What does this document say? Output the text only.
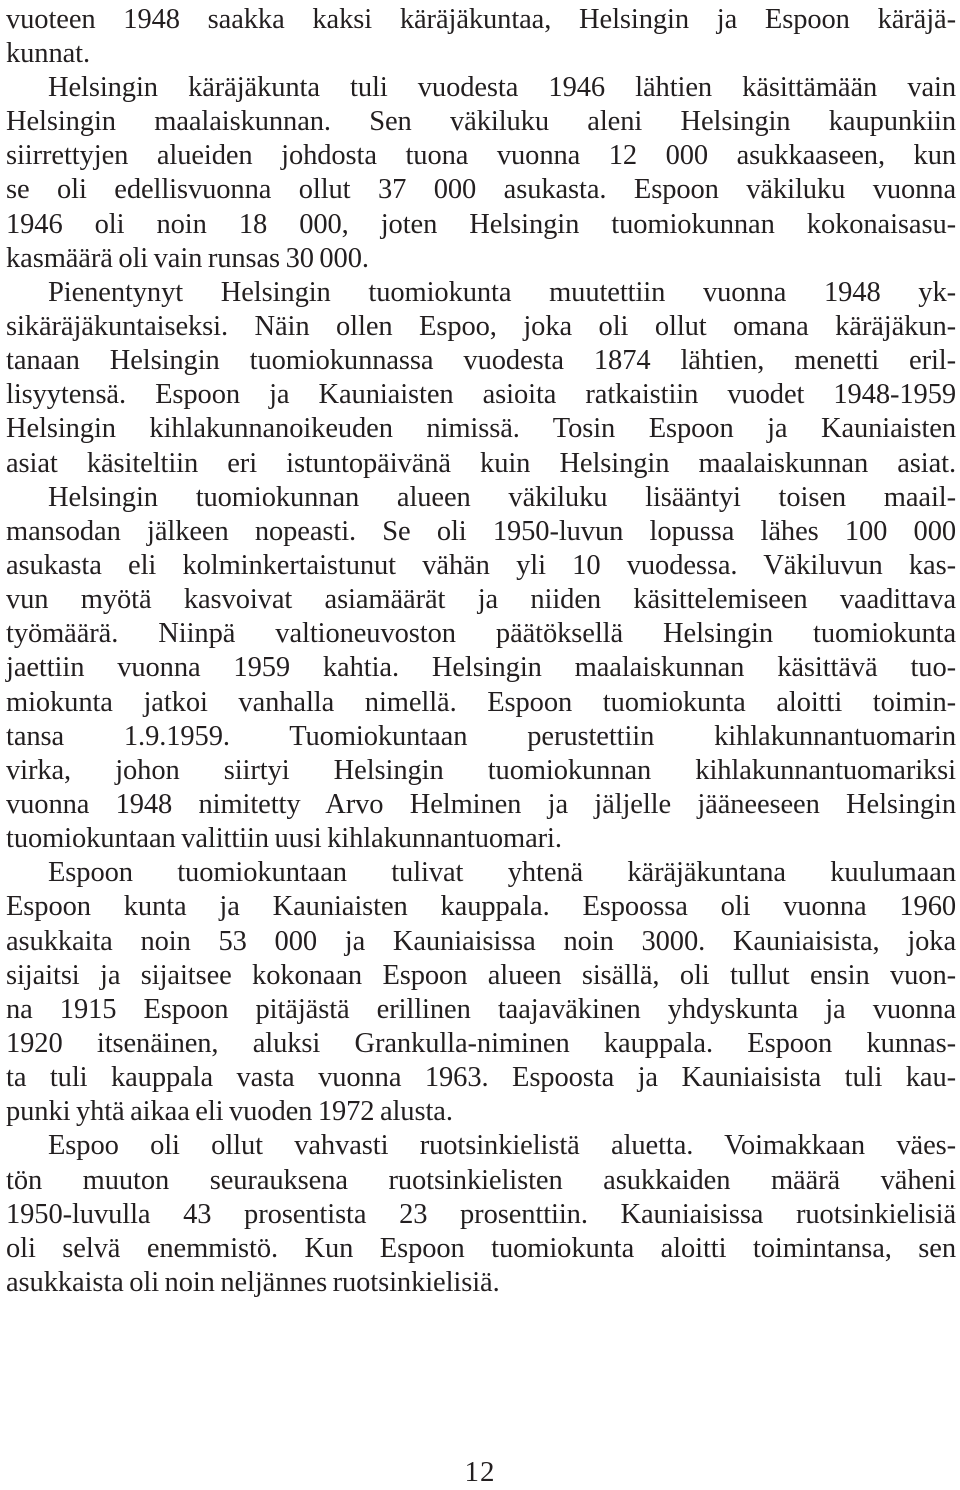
vuoteen 1948 saakka kaksi käräjäkuntaa, Helsingin ja Espoon käräjä-
kunnat.
Helsingin käräjäkunta tuli vuodesta 1946 lähtien käsittämään vain
Helsingin maalaiskunnan. Sen väkiluku aleni Helsingin kaupunkiin
siirrettyjen alueiden johdosta tuona vuonna 12 000 asukkaaseen, kun
se oli edellisvuonna ollut 37 000 asukasta. Espoon väkiluku vuonna
1946 oli noin 18 000, joten Helsingin tuomiokunnan kokonaisasu-
kasmäärä oli vain runsas 30 000.
Pienentynyt Helsingin tuomiokunta muutettiin vuonna 1948 yk-
sikäräjäkuntaiseksi. Näin ollen Espoo, joka oli ollut omana käräjäkun-
tanaan Helsingin tuomiokunnassa vuodesta 1874 lähtien, menetti eril-
lisyytensä. Espoon ja Kauniaisten asioita ratkaistiin vuodet 1948-1959
Helsingin kihlakunnanoikeuden nimissä. Tosin Espoon ja Kauniaisten
asiat käsiteltiin eri istuntopäivänä kuin Helsingin maalaiskunnan asiat.
Helsingin tuomiokunnan alueen väkiluku lisääntyi toisen maail-
mansodan jälkeen nopeasti. Se oli 1950-luvun lopussa lähes 100 000
asukasta eli kolminkertaistunut vähän yli 10 vuodessa. Väkiluvun kas-
vun myötä kasvoivat asiamäärät ja niiden käsittelemiseen vaadittava
työmäärä. Niinpä valtioneuvoston päätöksellä Helsingin tuomiokunta
jaettiin vuonna 1959 kahtia. Helsingin maalaiskunnan käsittävä tuo-
miokunta jatkoi vanhalla nimellä. Espoon tuomiokunta aloitti toimin-
tansa 1.9.1959. Tuomiokuntaan perustettiin kihlakunnantuomarin
virka, johon siirtyi Helsingin tuomiokunnan kihlakunnantuomariksi
vuonna 1948 nimitetty Arvo Helminen ja jäljelle jääneeseen Helsingin
tuomiokuntaan valittiin uusi kihlakunnantuomari.
Espoon tuomiokuntaan tulivat yhtenä käräjäkuntana kuulumaan
Espoon kunta ja Kauniaisten kauppala. Espoossa oli vuonna 1960
asukkaita noin 53 000 ja Kauniaisissa noin 3000. Kauniaisista, joka
sijaitsi ja sijaitsee kokonaan Espoon alueen sisällä, oli tullut ensin vuon-
na 1915 Espoon pitäjästä erillinen taajaväkinen yhdyskunta ja vuonna
1920 itsenäinen, aluksi Grankulla-niminen kauppala. Espoon kunnas-
ta tuli kauppala vasta vuonna 1963. Espoosta ja Kauniaisista tuli kau-
punki yhtä aikaa eli vuoden 1972 alusta.
Espoo oli ollut vahvasti ruotsinkielistä aluetta. Voimakkaan väes-
tön muuton seurauksena ruotsinkielisten asukkaiden määrä väheni
1950-luvulla 43 prosentista 23 prosenttiin. Kauniaisissa ruotsinkielisiä
oli selvä enemmistö. Kun Espoon tuomiokunta aloitti toimintansa, sen
asukkaista oli noin neljännes ruotsinkielisiä.
12
